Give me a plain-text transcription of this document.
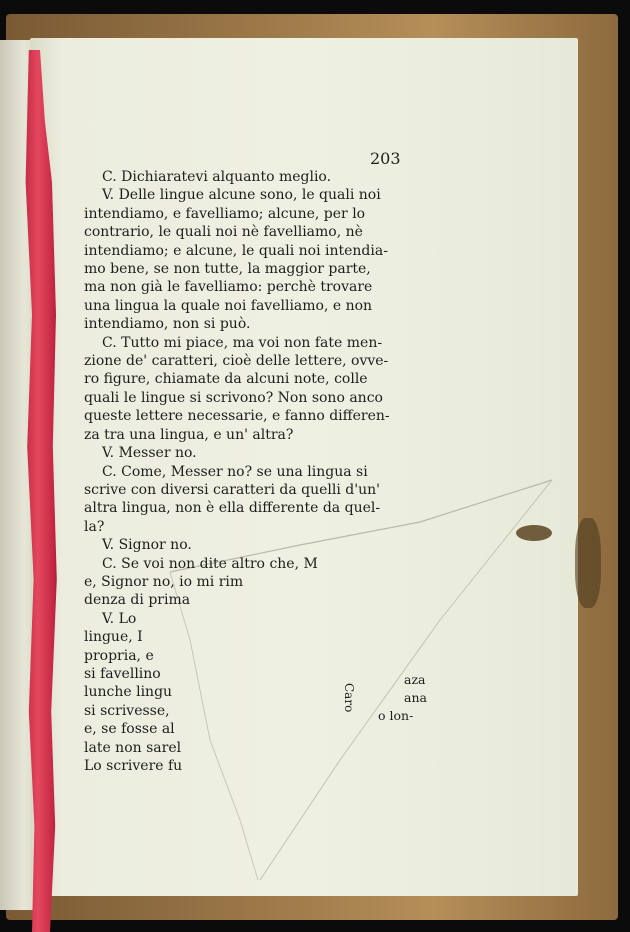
203
C. Dichiaratevi alquanto meglio.
V. Delle lingue alcune sono, le quali noi
intendiamo, e favelliamo; alcune, per lo
contrario, le quali noi nè favelliamo, nè
intendiamo; e alcune, le quali noi intendia-
mo bene, se non tutte, la maggior parte,
ma non già le favelliamo: perchè trovare
una lingua la quale noi favelliamo, e non
intendiamo, non si può.
C. Tutto mi piace, ma voi non fate men-
zione de' caratteri, cioè delle lettere, ovve-
ro figure, chiamate da alcuni note, colle
quali le lingue si scrivono? Non sono anco
queste lettere necessarie, e fanno differen-
za tra una lingua, e un' altra?
V. Messer no.
C. Come, Messer no? se una lingua si
scrive con diversi caratteri da quelli d'un'
altra lingua, non è ella differente da quel-
la?
V. Signor no.
C. Se voi non dite altro che, M
e, Signor no, io mi rim
denza di prima
V. Lo
lingue, I
propria, e
si favellino
lunche lingu
si scrivesse,
e, se fosse al
late non sarel
Lo scrivere fu
aza
ana
o lon-
Caro
